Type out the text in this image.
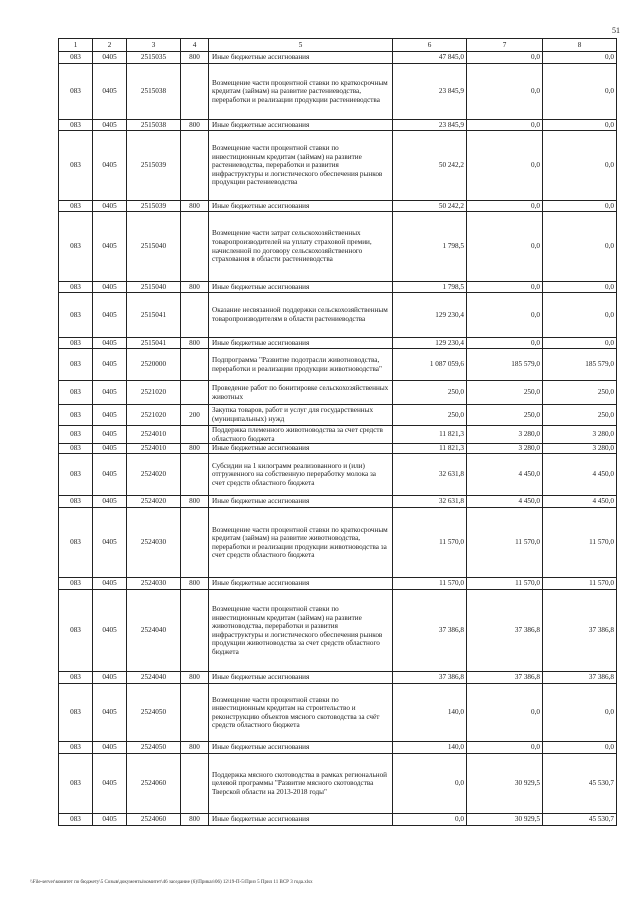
51
1	2	3	4	5	6	7	8
083	0405	2515035	800	Иные бюджетные ассигнования	47 845,0	0,0	0,0
083	0405	2515038		Возмещение части процентной ставки по краткосрочным кредитам (займам) на развитие растениеводства, переработки и реализации продукции растениеводства	23 845,9	0,0	0,0
083	0405	2515038	800	Иные бюджетные ассигнования	23 845,9	0,0	0,0
083	0405	2515039		Возмещение части процентной ставки по инвестиционным кредитам (займам) на развитие растениеводства, переработки и развития инфраструктуры и логистического обеспечения рынков продукции растениеводства	50 242,2	0,0	0,0
083	0405	2515039	800	Иные бюджетные ассигнования	50 242,2	0,0	0,0
083	0405	2515040		Возмещение части затрат сельскохозяйственных товаропроизводителей на уплату страховой премии, начисленной по договору сельскохозяйственного страхования в области растениеводства	1 798,5	0,0	0,0
083	0405	2515040	800	Иные бюджетные ассигнования	1 798,5	0,0	0,0
083	0405	2515041		Оказание несвязанной поддержки сельскохозяйственным товаропроизводителям в области растениеводства	129 230,4	0,0	0,0
083	0405	2515041	800	Иные бюджетные ассигнования	129 230,4	0,0	0,0
083	0405	2520000		Подпрограмма "Развитие подотрасли животноводства, переработки и реализации продукции животноводства"	1 087 059,6	185 579,0	185 579,0
083	0405	2521020		Проведение работ по бонитировке сельскохозяйственных животных	250,0	250,0	250,0
083	0405	2521020	200	Закупка товаров, работ и услуг для государственных (муниципальных) нужд	250,0	250,0	250,0
083	0405	2524010		Поддержка племенного животноводства за счет средств областного бюджета	11 821,3	3 280,0	3 280,0
083	0405	2524010	800	Иные бюджетные ассигнования	11 821,3	3 280,0	3 280,0
083	0405	2524020		Субсидии на 1 килограмм реализованного и (или) отгруженного на собственную переработку молока за счет средств областного бюджета	32 631,8	4 450,0	4 450,0
083	0405	2524020	800	Иные бюджетные ассигнования	32 631,8	4 450,0	4 450,0
083	0405	2524030		Возмещение части процентной ставки по краткосрочным кредитам (займам) на развитие животноводства, переработки и реализации продукции животноводства за счет средств областного бюджета	11 570,0	11 570,0	11 570,0
083	0405	2524030	800	Иные бюджетные ассигнования	11 570,0	11 570,0	11 570,0
083	0405	2524040		Возмещение части процентной ставки по инвестиционным кредитам (займам) на развитие животноводства, переработки и развития инфраструктуры и логистического обеспечения рынков продукции животноводства за счет средств областного бюджета	37 386,8	37 386,8	37 386,8
083	0405	2524040	800	Иные бюджетные ассигнования	37 386,8	37 386,8	37 386,8
083	0405	2524050		Возмещение части процентной ставки по инвестиционным кредитам на строительство и реконструкцию объектов мясного скотоводства за счёт средств областного бюджета	140,0	0,0	0,0
083	0405	2524050	800	Иные бюджетные ассигнования	140,0	0,0	0,0
083	0405	2524060		Поддержка мясного скотоводства в рамках региональной целевой программы "Развитие мясного скотоводства Тверской области на 2013-2018 годы"	0,0	30 929,5	45 530,7
083	0405	2524060	800	Иные бюджетные ассигнования	0,0	30 929,5	45 530,7
\\File-server\комитет по бюджету\5 Созыв\документы\комитет\46 заседание (6)\Приказ\06) 12\19-П-5\Приз 5 Прил 11 ВСР 3 года.xlsx
